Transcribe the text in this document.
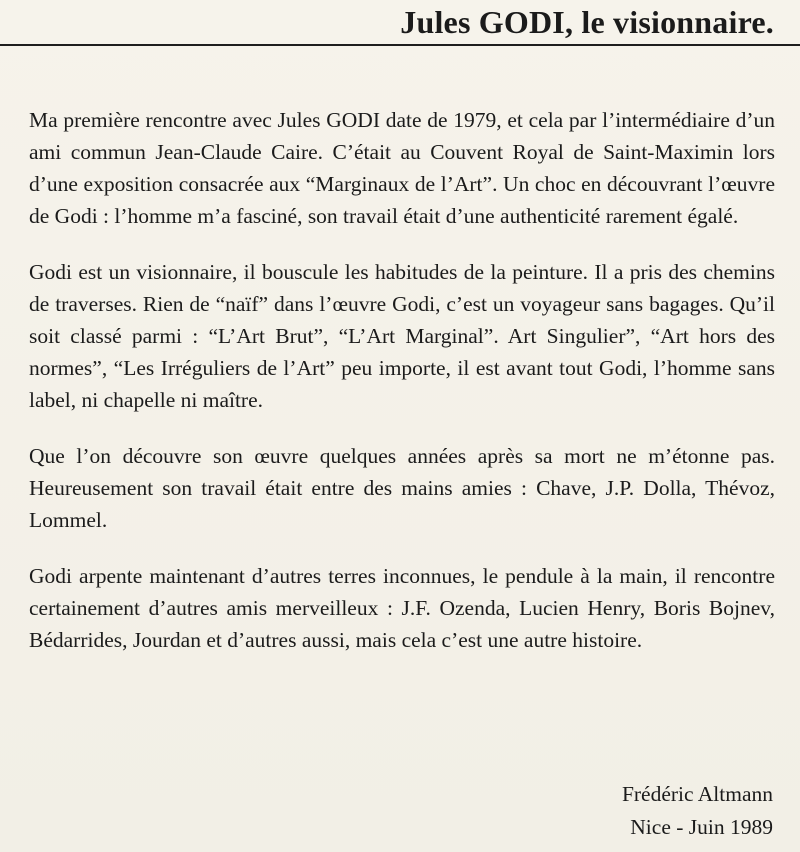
Jules GODI, le visionnaire.

Ma première rencontre avec Jules GODI date de 1979, et cela par l’intermédiaire d’un ami commun Jean-Claude Caire. C’était au Couvent Royal de Saint-Maximin lors d’une exposition consacrée aux “Marginaux de l’Art”. Un choc en découvrant l’œuvre de Godi : l’homme m’a fasciné, son travail était d’une authenticité rarement égalé.

Godi est un visionnaire, il bouscule les habitudes de la peinture. Il a pris des chemins de traverses. Rien de “naïf” dans l’œuvre Godi, c’est un voyageur sans bagages. Qu’il soit classé parmi : “L’Art Brut”, “L’Art Marginal”. Art Singulier”, “Art hors des normes”, “Les Irréguliers de l’Art” peu importe, il est avant tout Godi, l’homme sans label, ni chapelle ni maître.

Que l’on découvre son œuvre quelques années après sa mort ne m’étonne pas. Heureusement son travail était entre des mains amies : Chave, J.P. Dolla, Thévoz, Lommel.

Godi arpente maintenant d’autres terres inconnues, le pendule à la main, il rencontre certainement d’autres amis merveilleux : J.F. Ozenda, Lucien Henry, Boris Bojnev, Bédarrides, Jourdan et d’autres aussi, mais cela c’est une autre histoire.

Frédéric Altmann
Nice - Juin 1989
